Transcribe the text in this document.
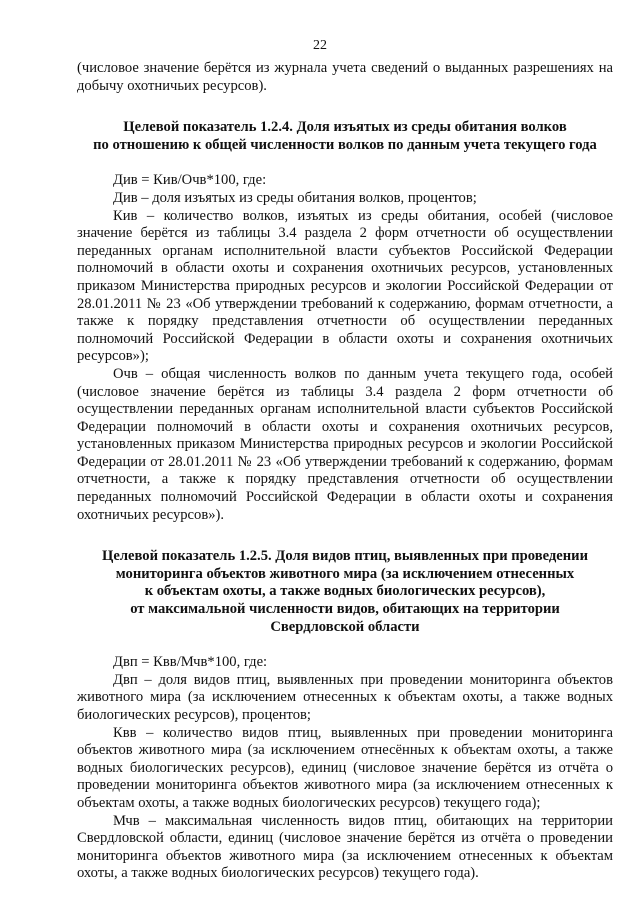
22

(числовое значение берётся из журнала учета сведений о выданных разрешениях на добычу охотничьих ресурсов).

Целевой показатель 1.2.4. Доля изъятых из среды обитания волков
по отношению к общей численности волков по данным учета текущего года

Див = Кив/Очв*100, где:

Див – доля изъятых из среды обитания волков, процентов;

Кив – количество волков, изъятых из среды обитания, особей (числовое значение берётся из таблицы 3.4 раздела 2 форм отчетности об осуществлении переданных органам исполнительной власти субъектов Российской Федерации полномочий в области охоты и сохранения охотничьих ресурсов, установленных приказом Министерства природных ресурсов и экологии Российской Федерации от 28.01.2011 № 23 «Об утверждении требований к содержанию, формам отчетности, а также к порядку представления отчетности об осуществлении переданных полномочий Российской Федерации в области охоты и сохранения охотничьих ресурсов»);

Очв – общая численность волков по данным учета текущего года, особей (числовое значение берётся из таблицы 3.4 раздела 2 форм отчетности об осуществлении переданных органам исполнительной власти субъектов Российской Федерации полномочий в области охоты и сохранения охотничьих ресурсов, установленных приказом Министерства природных ресурсов и экологии Российской Федерации от 28.01.2011 № 23 «Об утверждении требований к содержанию, формам отчетности, а также к порядку представления отчетности об осуществлении переданных полномочий Российской Федерации в области охоты и сохранения охотничьих ресурсов»).

Целевой показатель 1.2.5. Доля видов птиц, выявленных при проведении
мониторинга объектов животного мира (за исключением отнесенных
к объектам охоты, а также водных биологических ресурсов),
от максимальной численности видов, обитающих на территории
Свердловской области

Двп = Квв/Мчв*100, где:

Двп – доля видов птиц, выявленных при проведении мониторинга объектов животного мира (за исключением отнесенных к объектам охоты, а также водных биологических ресурсов), процентов;

Квв – количество видов птиц, выявленных при проведении мониторинга объектов животного мира (за исключением отнесённых к объектам охоты, а также водных биологических ресурсов), единиц (числовое значение берётся из отчёта о проведении мониторинга объектов животного мира (за исключением отнесенных к объектам охоты, а также водных биологических ресурсов) текущего года);

Мчв – максимальная численность видов птиц, обитающих на территории Свердловской области, единиц (числовое значение берётся из отчёта о проведении мониторинга объектов животного мира (за исключением отнесенных к объектам охоты, а также водных биологических ресурсов) текущего года).
